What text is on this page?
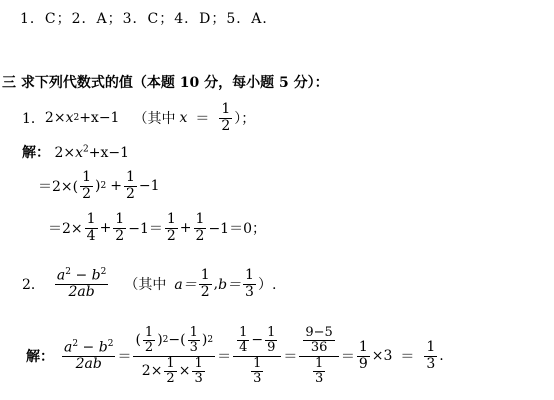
1．C；2．A；3．C；4．D；5．A．
三 求下列代数式的值（本题 10 分，每小题 5 分）：
1． 2× x 2 +x−1 （其中 $x = \frac{1}{2}$ ）；
解： $2\times x^2+x-1$
$=2\times( \frac{1}{2}$ ) $2 + \frac{1}{2} -1$
$=2\times \frac{1}{4} + \frac{1}{2} -1= \frac{1}{2} + \frac{1}{2} -1=0$；
2． $\frac{a^2 - b^2}{2ab}$ （其中 $a= \frac{1}{2}$ , $b= \frac{1}{3}$ ）.
解： $\frac{a^2 - b^2}{2ab} = \frac{( \frac{1}{2} ) 2 - ( \frac{1}{3} ) 2}{2\times \frac{1}{2} \times \frac{1}{3}} = \frac{\frac{1}{4} - \frac{1}{9}}{\frac{1}{3}} = \frac{\frac{9-5}{36}}{\frac{1}{3}} = \frac{1}{9} \times 3 = \frac{1}{3}$ .
